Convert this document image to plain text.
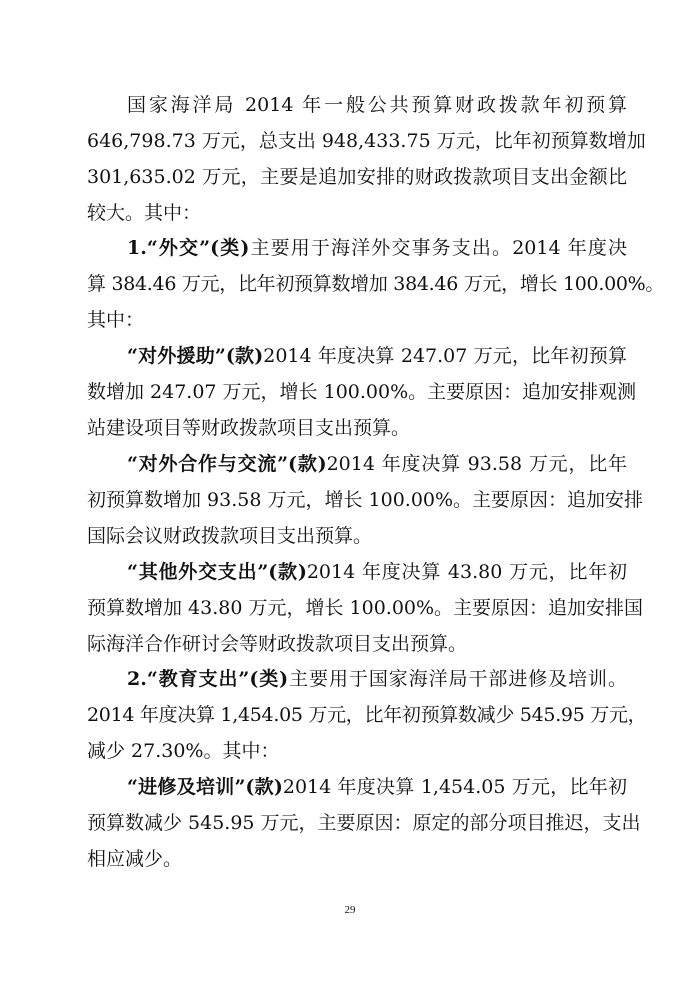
国家海洋局 2014 年一般公共预算财政拨款年初预算
646,798.73 万元，总支出 948,433.75 万元，比年初预算数增加
301,635.02 万元，主要是追加安排的财政拨款项目支出金额比
较大。其中：
1.“外交”(类)主要用于海洋外交事务支出。2014 年度决
算 384.46 万元，比年初预算数增加 384.46 万元，增长 100.00%。
其中：
“对外援助”(款)2014 年度决算 247.07 万元，比年初预算
数增加 247.07 万元，增长 100.00%。主要原因：追加安排观测
站建设项目等财政拨款项目支出预算。
“对外合作与交流”(款)2014 年度决算 93.58 万元，比年
初预算数增加 93.58 万元，增长 100.00%。主要原因：追加安排
国际会议财政拨款项目支出预算。
“其他外交支出”(款)2014 年度决算 43.80 万元，比年初
预算数增加 43.80 万元，增长 100.00%。主要原因：追加安排国
际海洋合作研讨会等财政拨款项目支出预算。
2.“教育支出”(类)主要用于国家海洋局干部进修及培训。
2014 年度决算 1,454.05 万元，比年初预算数减少 545.95 万元，
减少 27.30%。其中：
“进修及培训”(款)2014 年度决算 1,454.05 万元，比年初
预算数减少 545.95 万元，主要原因：原定的部分项目推迟，支出
相应减少。
29
